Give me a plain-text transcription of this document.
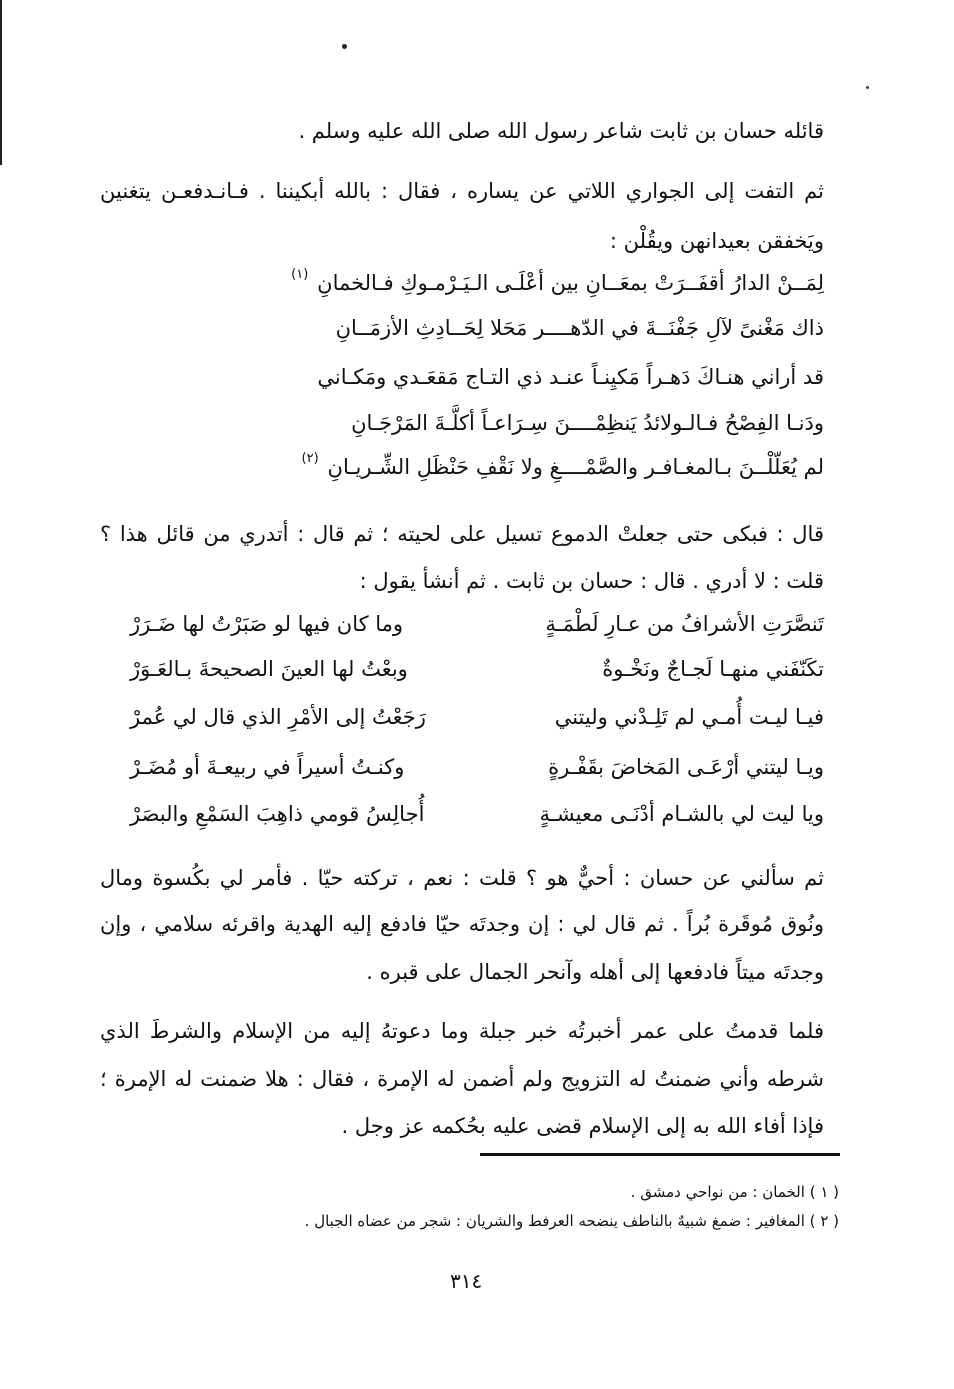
قائله حسان بن ثابت شاعر رسول الله صلى الله عليه وسلم .
ثم التفت إلى الجواري اللاتي عن يساره ، فقال : بالله أبكيننا . فـانـدفعـن يتغنين
ويَخفقن بعيدانهن ويقُلْن :
(١) لِمَــنْ الدارُ أقفَــرَتْ بمعَــانِ بين أعْلَـى الـيَـرْمـوكِ فـالخمانِ
ذاك مَغْنىً لآلِ جَفْنَــةَ في الدّهــــر مَحَلا لِحَــادِثِ الأزمَــانِ
قد أراني هنـاكَ دَهـراً مَكيِنـاً عنـد ذي التـاج مَقعَـدي ومَكـاني
ودَنـا الفِصْحُ فـالـولائدُ يَنظِمْــــنَ سِـرَاعـاً أكلَّـةَ المَرْجَـانِ
(٢) لم يُعَلّلْــنَ بـالمغـافـر والصَّمْــــغِ ولا نَقْفِ حَنْظَلِ الشِّـريـانِ
قال : فبكى حتى جعلتْ الدموع تسيل على لحيته ؛ ثم قال : أتدري من قائل هذا ؟
قلت : لا أدري . قال : حسان بن ثابت . ثم أنشأ يقول :
تَنصَّرَتِ الأشرافُ من عـارِ لَطْمَـةٍ
وما كان فيها لو صَبَرْتُ لها ضَـرَرْ
تكَنّفَني منهـا لَجـاجٌ ونَخْـوةٌ
وبعْتُ لها العينَ الصحيحةَ بـالعَـوَرْ
فيـا ليـت أُمـي لم تَلِـدْني وليتني
رَجَعْتُ إلى الأمْرِ الذي قال لي عُمرْ
ويـا ليتني أرْعَـى المَخاضَ بقَفْـرةٍ
وكنـتُ أسيراً في ربيعـةَ أو مُضَـرْ
ويا ليت لي بالشـام أدْنَـى معيشـةٍ
أُجالِسُ قومي ذاهِبَ السَمْعِ والبصَرْ
ثم سألني عن حسان : أحيٌّ هو ؟ قلت : نعم ، تركته حيّا . فأمر لي بكُسوة ومال
ونُوق مُوقَرة بُراً . ثم قال لي : إن وجدتَه حيّا فادفع إليه الهدية واقرئه سلامي ، وإن
وجدتَه ميتاً فادفعها إلى أهله وآنحر الجمال على قبره .
فلما قدمتُ على عمر أخبرتُه خبر جبلة وما دعوتهُ إليه من الإسلام والشرطَ الذي
شرطه وأني ضمنتُ له التزويج ولم أضمن له الإمرة ، فقال : هلا ضمنت له الإمرة ؛
فإذا أفاء الله به إلى الإسلام قضى عليه بحُكمه عز وجل .
( ١ ) الخمان : من نواحي دمشق .
( ٢ ) المغافير : ضمغ شبيهٌ بالناطف ينضحه العرفط والشريان : شجر من عضاه الجبال .
٣١٤
